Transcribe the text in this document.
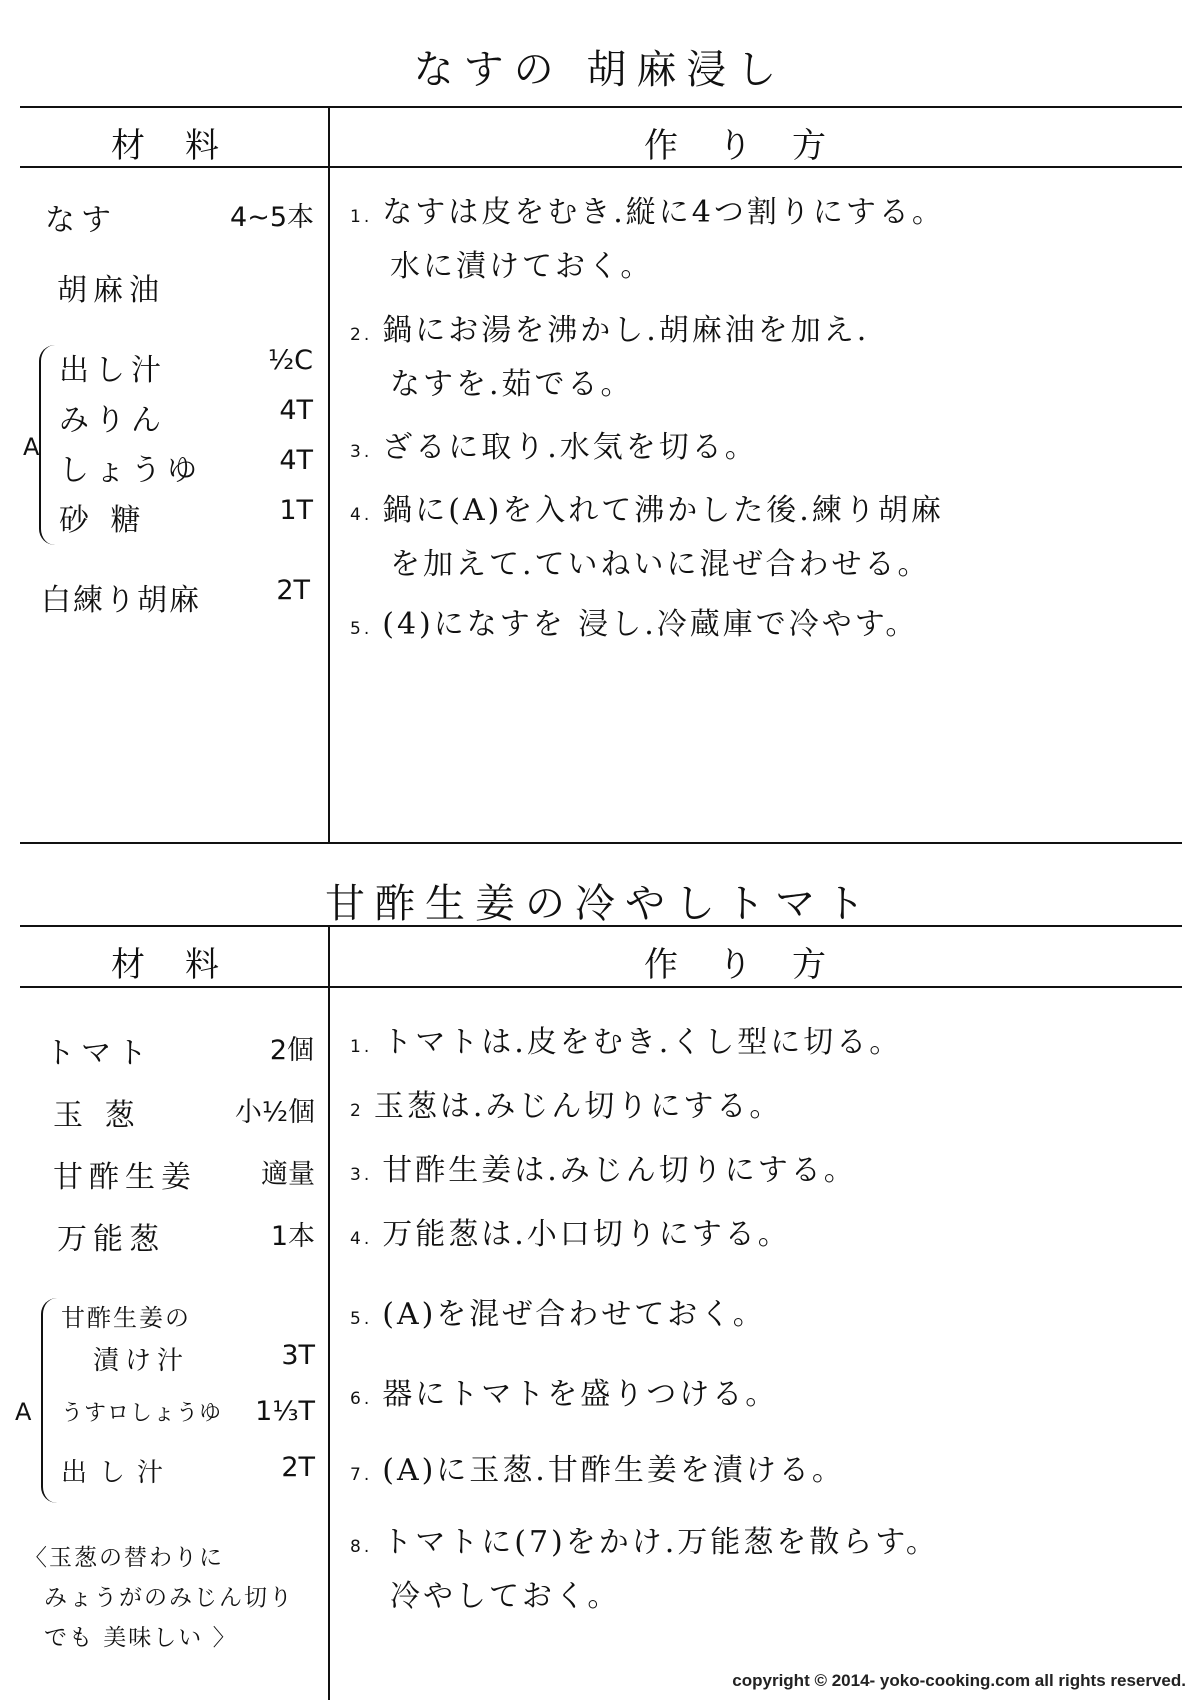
なすの 胡麻浸し
材料	作り方
なす	4~5本
胡麻油
A
出し汁	½C
みりん	4T
しょうゆ	4T
砂 糖	1T
白練り胡麻	2T
1. なすは皮をむき.縦に4つ割りにする。
水に漬けておく。
2. 鍋にお湯を沸かし.胡麻油を加え.
なすを.茹でる。
3. ざるに取り.水気を切る。
4. 鍋に(A)を入れて沸かした後.練り胡麻
を加えて.ていねいに混ぜ合わせる。
5. (4)になすを 浸し.冷蔵庫で冷やす。
甘酢生姜の冷やしトマト
材料	作り方
トマト	2個
玉 葱	小½個
甘酢生姜 適量
万能葱	1本
A
甘酢生姜の
　漬け汁	3T
うすロしょうゆ 1⅓T
出し汁	2T
〈玉葱の替わりに
みょうがのみじん切り
でも 美味しい 〉
1. トマトは.皮をむき.くし型に切る。
2 玉葱は.みじん切りにする。
3. 甘酢生姜は.みじん切りにする。
4. 万能葱は.小口切りにする。
5. (A)を混ぜ合わせておく。
6. 器にトマトを盛りつける。
7. (A)に玉葱.甘酢生姜を漬ける。
8. トマトに(7)をかけ.万能葱を散らす。
冷やしておく。
copyright © 2014- yoko-cooking.com all rights reserved.
